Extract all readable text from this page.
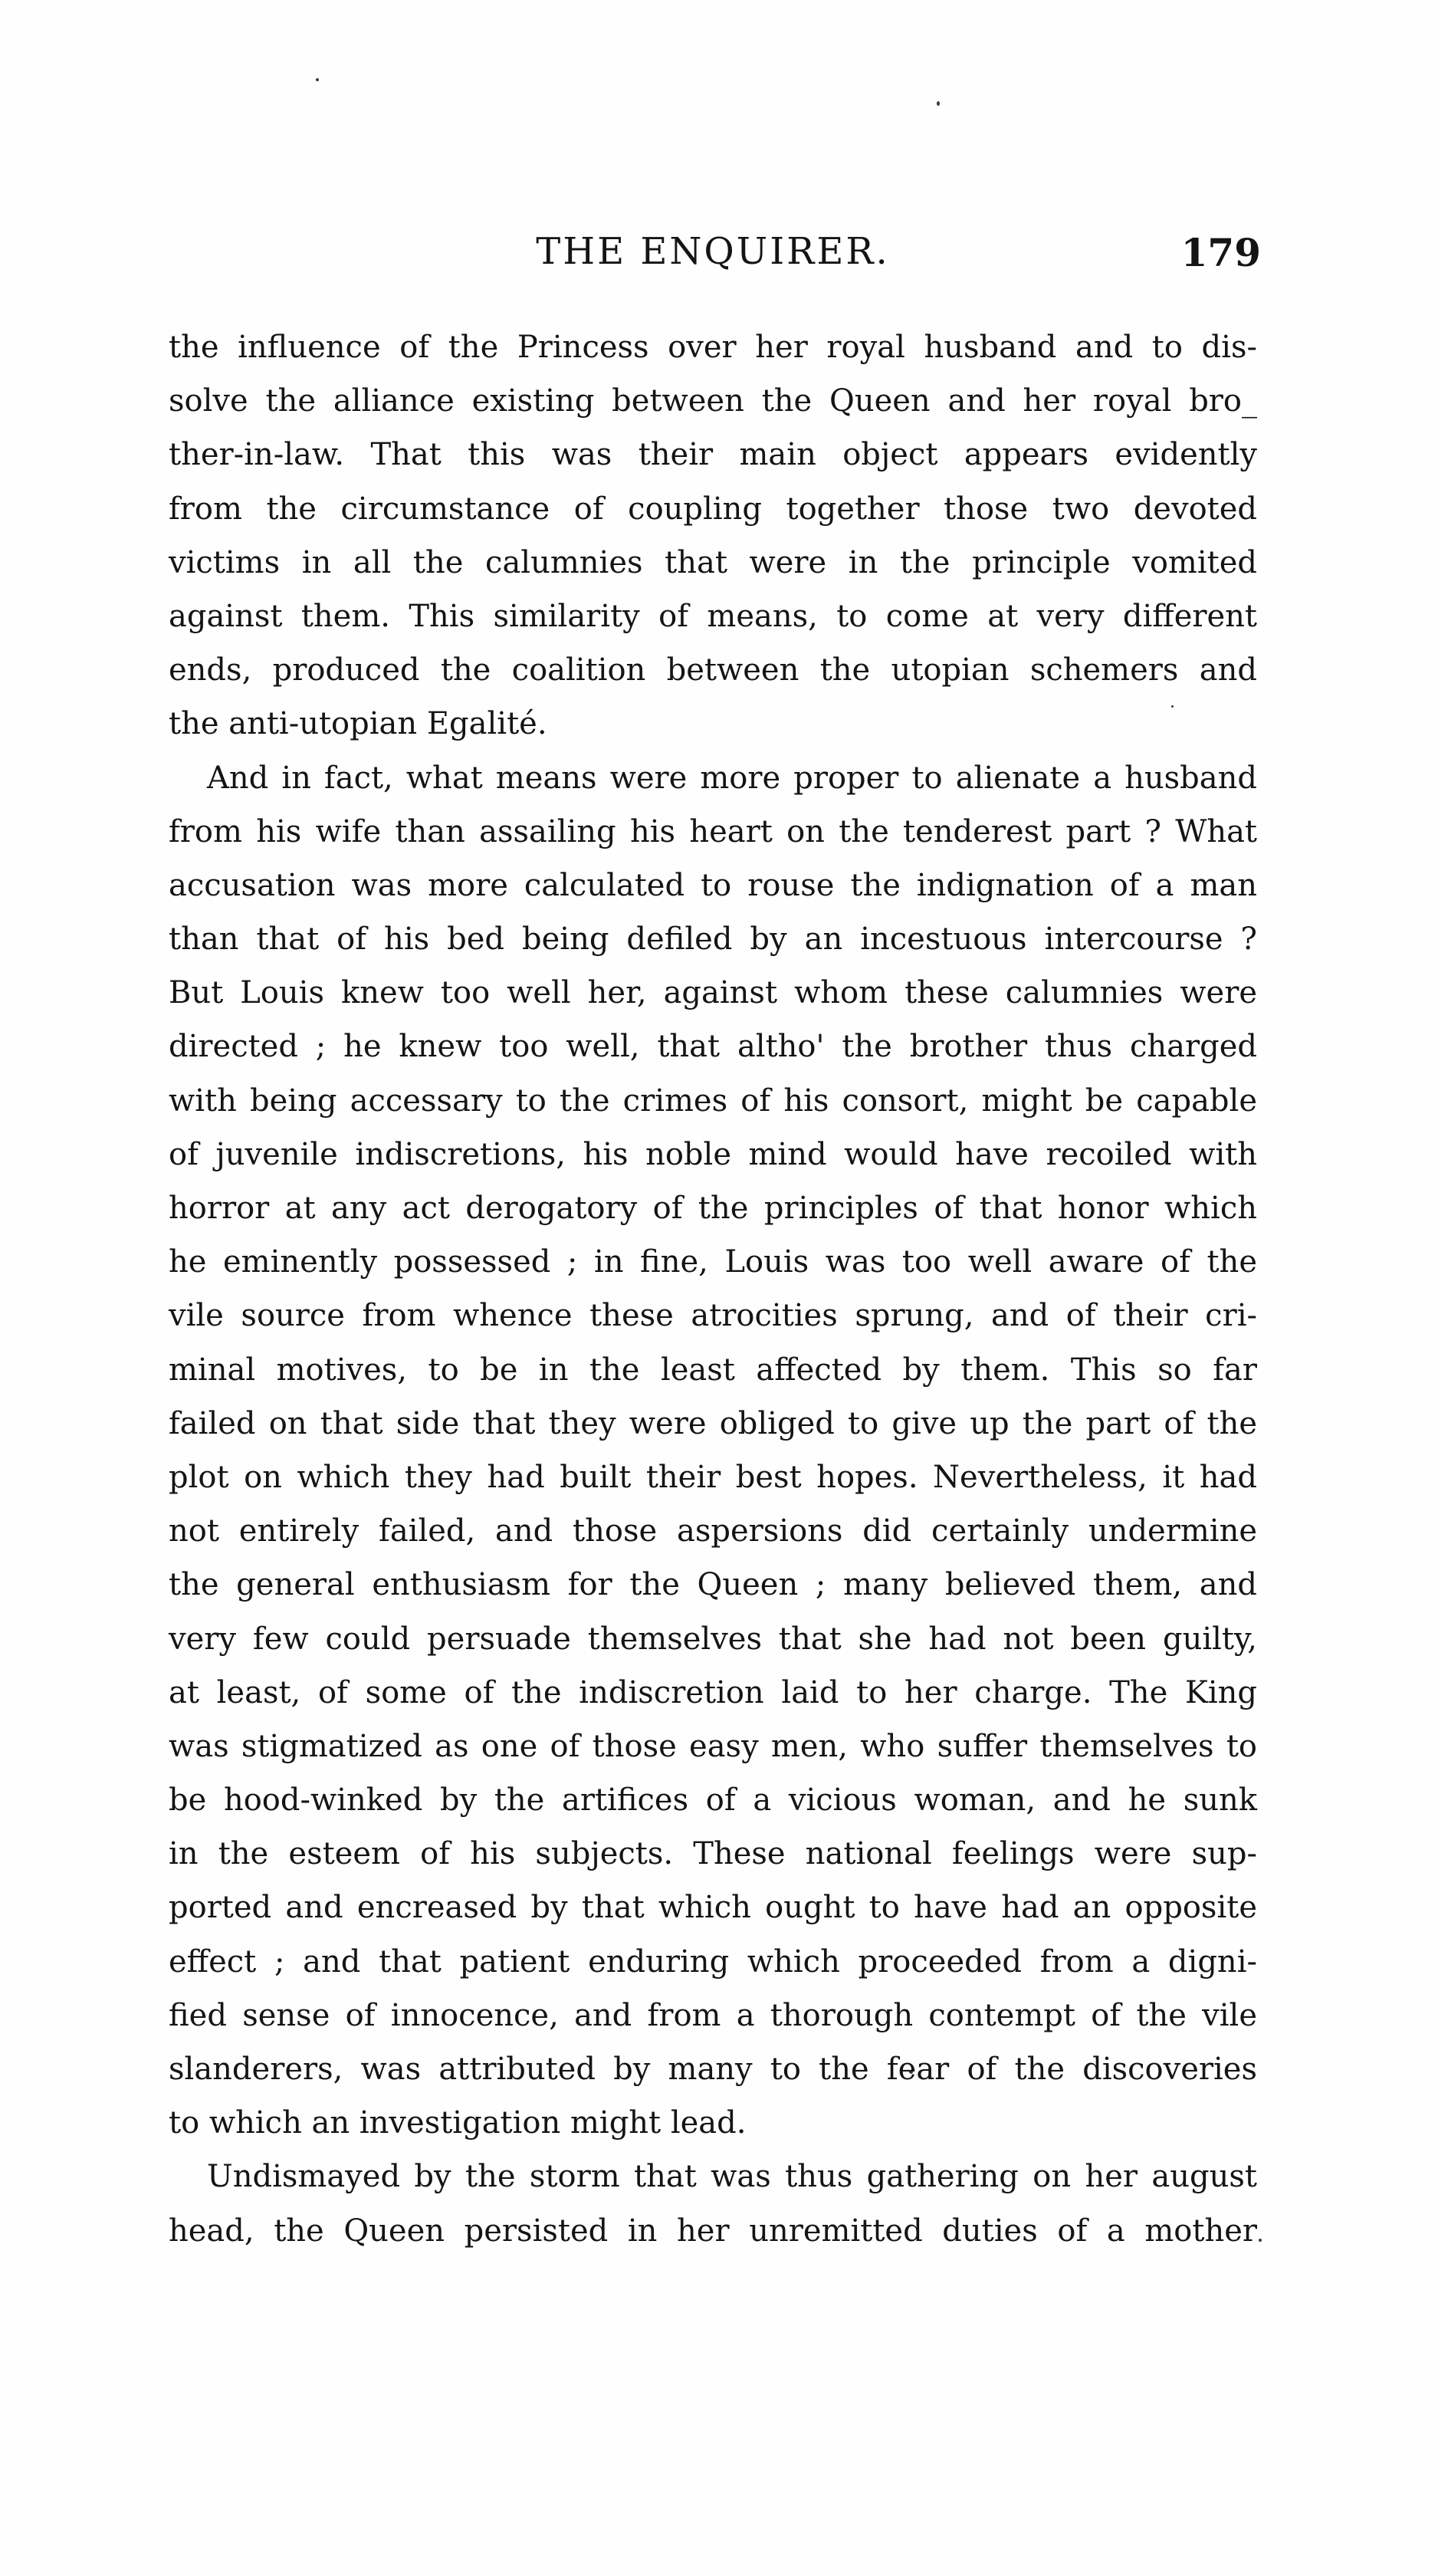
THE ENQUIRER.	179
the influence of the Princess over her royal husband and to dis-
solve the alliance existing between the Queen and her royal bro_
ther-in-law. That this was their main object appears evidently
from the circumstance of coupling together those two devoted
victims in all the calumnies that were in the principle vomited
against them. This similarity of means, to come at very different
ends, produced the coalition between the utopian schemers and
the anti-utopian Egalité.
And in fact, what means were more proper to alienate a husband
from his wife than assailing his heart on the tenderest part ? What
accusation was more calculated to rouse the indignation of a man
than that of his bed being defiled by an incestuous intercourse ?
But Louis knew too well her, against whom these calumnies were
directed ; he knew too well, that altho' the brother thus charged
with being accessary to the crimes of his consort, might be capable
of juvenile indiscretions, his noble mind would have recoiled with
horror at any act derogatory of the principles of that honor which
he eminently possessed ; in fine, Louis was too well aware of the
vile source from whence these atrocities sprung, and of their cri-
minal motives, to be in the least affected by them. This so far
failed on that side that they were obliged to give up the part of the
plot on which they had built their best hopes. Nevertheless, it had
not entirely failed, and those aspersions did certainly undermine
the general enthusiasm for the Queen ; many believed them, and
very few could persuade themselves that she had not been guilty,
at least, of some of the indiscretion laid to her charge. The King
was stigmatized as one of those easy men, who suffer themselves to
be hood-winked by the artifices of a vicious woman, and he sunk
in the esteem of his subjects. These national feelings were sup-
ported and encreased by that which ought to have had an opposite
effect ; and that patient enduring which proceeded from a digni-
fied sense of innocence, and from a thorough contempt of the vile
slanderers, was attributed by many to the fear of the discoveries
to which an investigation might lead.
Undismayed by the storm that was thus gathering on her august
head, the Queen persisted in her unremitted duties of a mother
